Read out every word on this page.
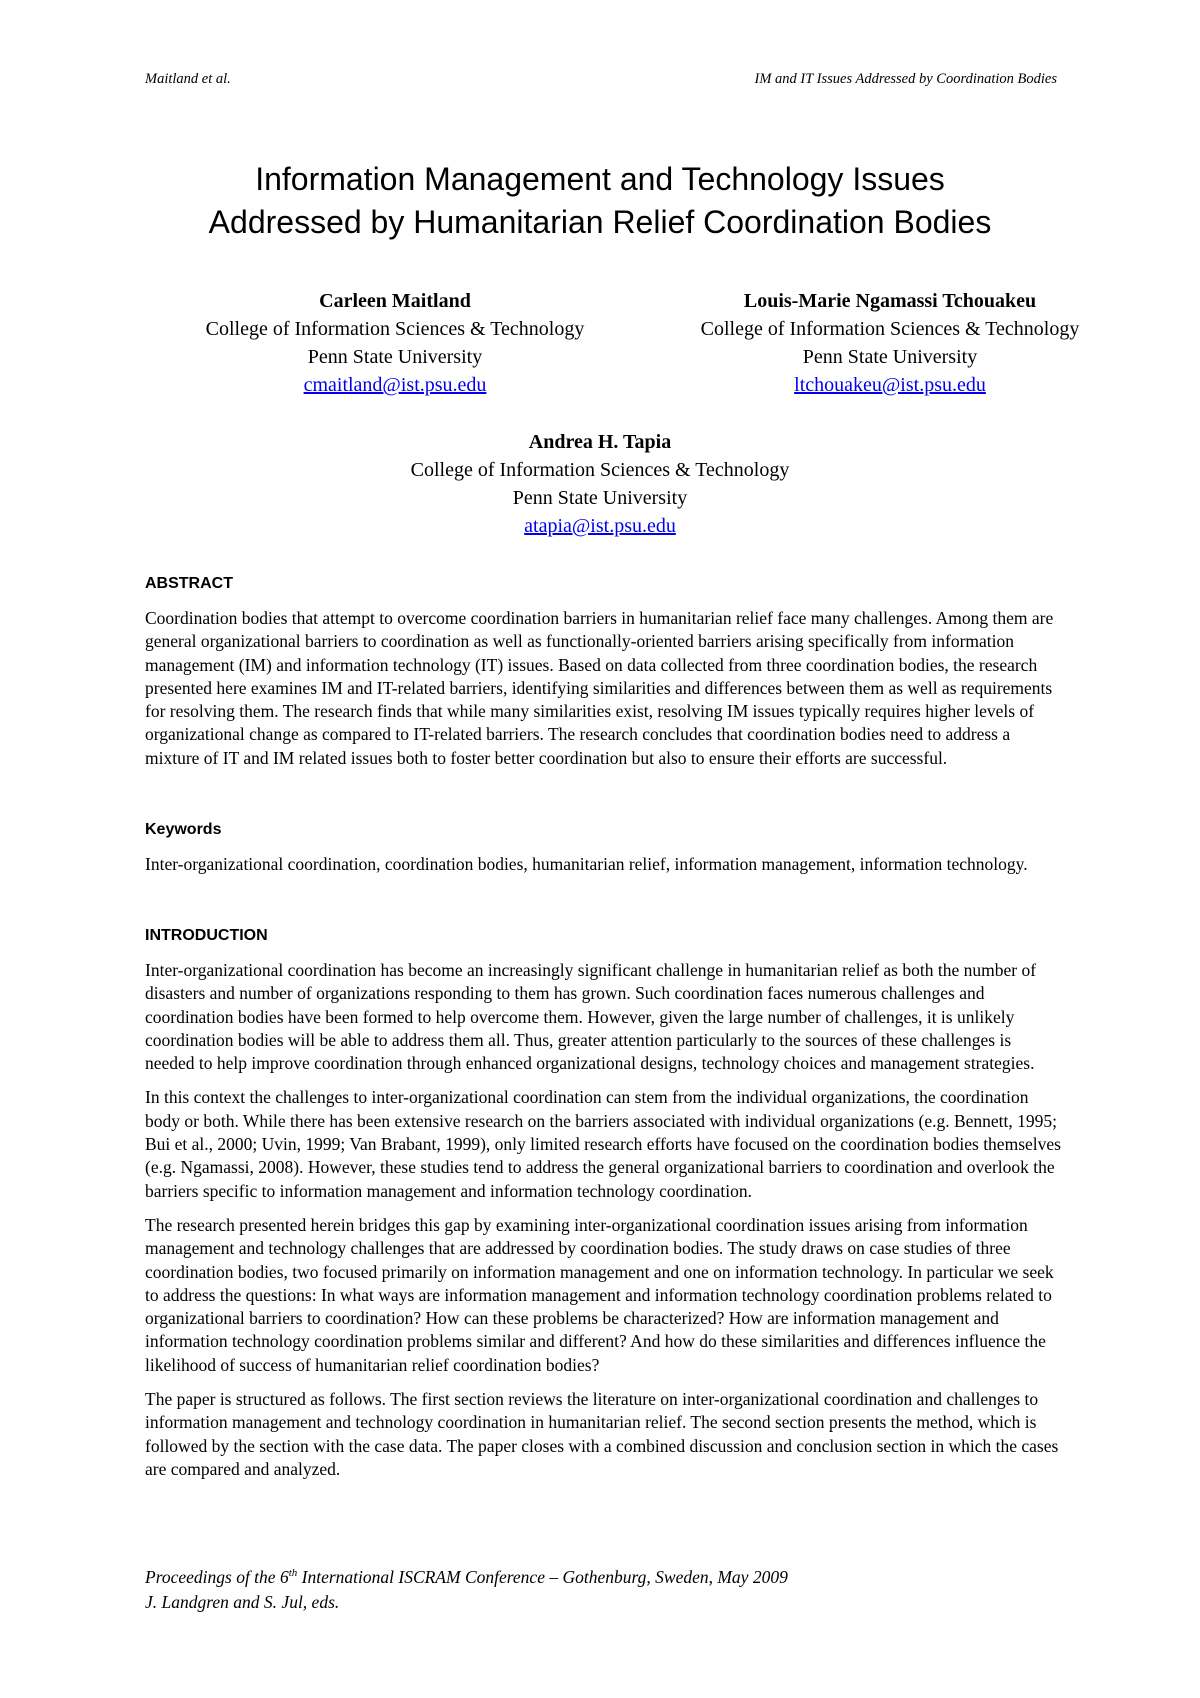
Maitland et al.	IM and IT Issues Addressed by Coordination Bodies
Information Management and Technology Issues
Addressed by Humanitarian Relief Coordination Bodies
Carleen Maitland
College of Information Sciences & Technology
Penn State University
cmaitland@ist.psu.edu
Louis-Marie Ngamassi Tchouakeu
College of Information Sciences & Technology
Penn State University
ltchouakeu@ist.psu.edu
Andrea H. Tapia
College of Information Sciences & Technology
Penn State University
atapia@ist.psu.edu
ABSTRACT
Coordination bodies that attempt to overcome coordination barriers in humanitarian relief face many challenges. Among them are general organizational barriers to coordination as well as functionally-oriented barriers arising specifically from information management (IM) and information technology (IT) issues. Based on data collected from three coordination bodies, the research presented here examines IM and IT-related barriers, identifying similarities and differences between them as well as requirements for resolving them. The research finds that while many similarities exist, resolving IM issues typically requires higher levels of organizational change as compared to IT-related barriers. The research concludes that coordination bodies need to address a mixture of IT and IM related issues both to foster better coordination but also to ensure their efforts are successful.
Keywords
Inter-organizational coordination, coordination bodies, humanitarian relief, information management, information technology.
INTRODUCTION
Inter-organizational coordination has become an increasingly significant challenge in humanitarian relief as both the number of disasters and number of organizations responding to them has grown. Such coordination faces numerous challenges and coordination bodies have been formed to help overcome them. However, given the large number of challenges, it is unlikely coordination bodies will be able to address them all. Thus, greater attention particularly to the sources of these challenges is needed to help improve coordination through enhanced organizational designs, technology choices and management strategies.
In this context the challenges to inter-organizational coordination can stem from the individual organizations, the coordination body or both. While there has been extensive research on the barriers associated with individual organizations (e.g. Bennett, 1995; Bui et al., 2000; Uvin, 1999; Van Brabant, 1999), only limited research efforts have focused on the coordination bodies themselves (e.g. Ngamassi, 2008). However, these studies tend to address the general organizational barriers to coordination and overlook the barriers specific to information management and information technology coordination.
The research presented herein bridges this gap by examining inter-organizational coordination issues arising from information management and technology challenges that are addressed by coordination bodies. The study draws on case studies of three coordination bodies, two focused primarily on information management and one on information technology. In particular we seek to address the questions: In what ways are information management and information technology coordination problems related to organizational barriers to coordination? How can these problems be characterized? How are information management and information technology coordination problems similar and different? And how do these similarities and differences influence the likelihood of success of humanitarian relief coordination bodies?
The paper is structured as follows. The first section reviews the literature on inter-organizational coordination and challenges to information management and technology coordination in humanitarian relief. The second section presents the method, which is followed by the section with the case data. The paper closes with a combined discussion and conclusion section in which the cases are compared and analyzed.
Proceedings of the 6th International ISCRAM Conference – Gothenburg, Sweden, May 2009
J. Landgren and S. Jul, eds.
